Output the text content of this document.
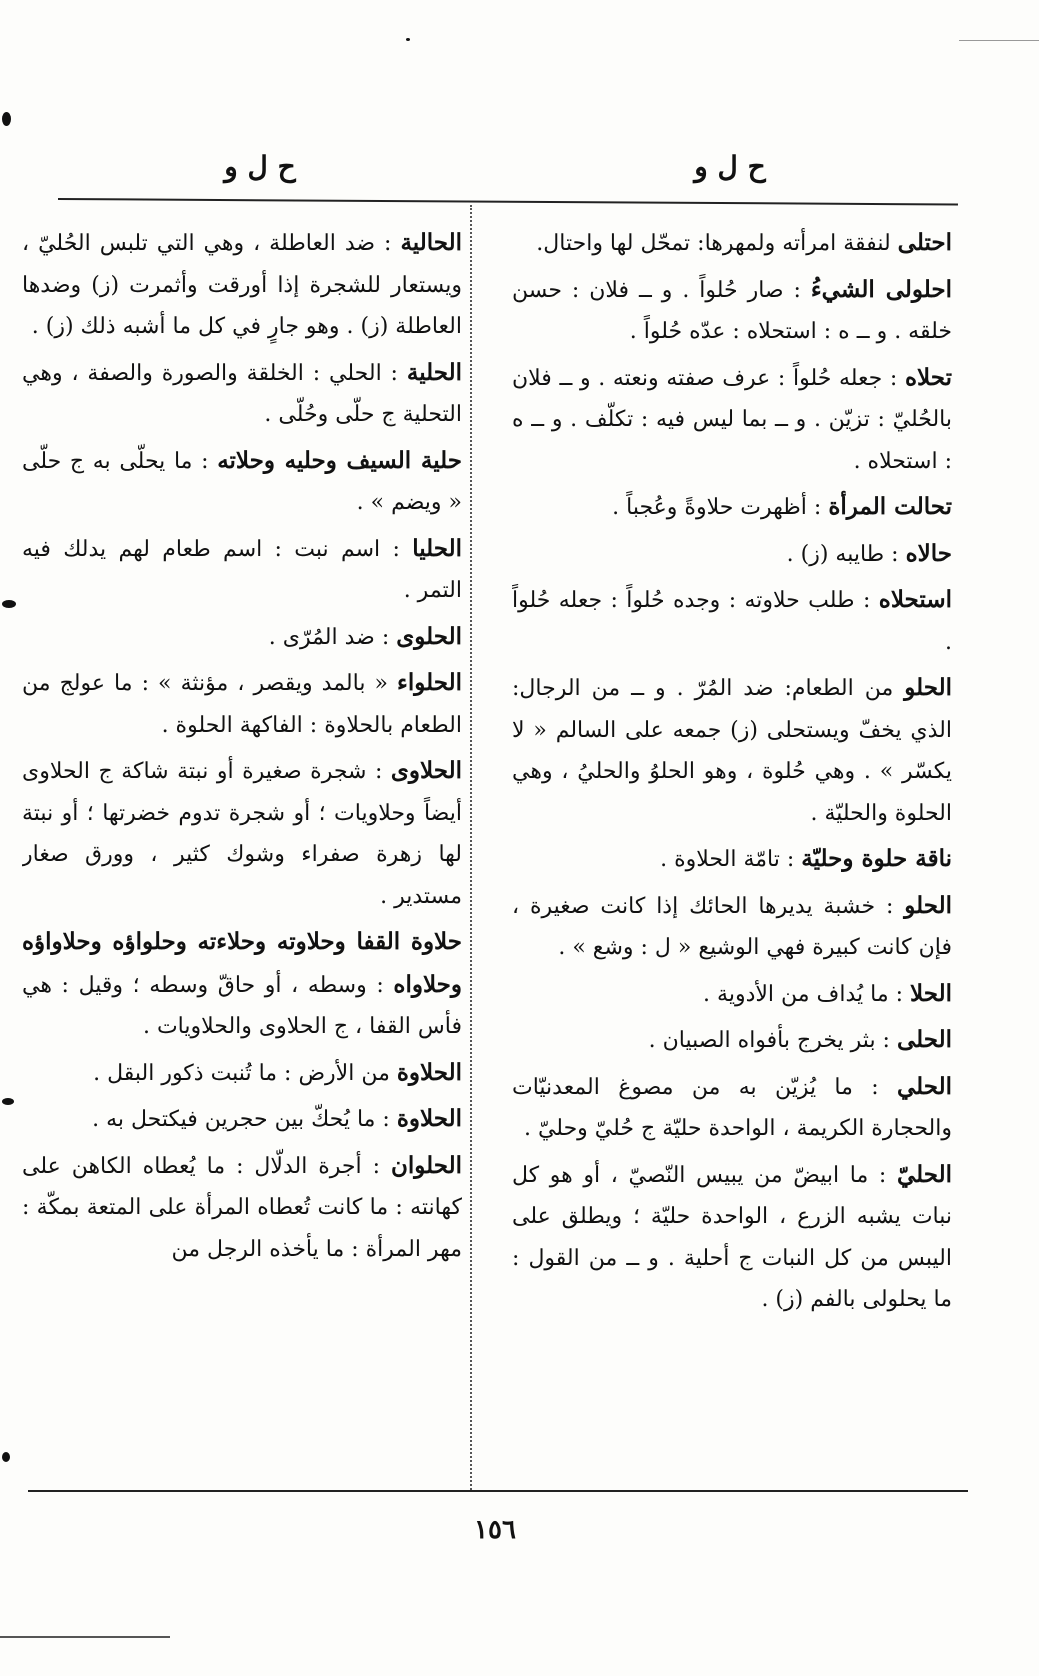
ح ل و
ح ل و

احتلى لنفقة امرأته ولمهرها: تمحّل لها واحتال.

احلولى الشيءُ : صار حُلواً . و ــ فلان : حسن خلقه . و ــ ه : استحلاه : عدّه حُلواً .

تحلاه : جعله حُلواً : عرف صفته ونعته . و ــ فلان بالحُليّ : تزيّن . و ــ بما ليس فيه : تكلّف . و ــ ه : استحلاه .

تحالت المرأة : أظهرت حلاوةً وعُجباً .

حالاه : طايبه (ز) .

استحلاه : طلب حلاوته : وجده حُلواً : جعله حُلواً .

الحلو من الطعام: ضد المُرّ . و ــ من الرجال: الذي يخفّ ويستحلى (ز) جمعه على السالم « لا يكسّر » . وهي حُلوة ، وهو الحلوُ والحليُ ، وهي الحلوة والحليّة .

ناقة حلوة وحليّة : تامّة الحلاوة .

الحلو : خشبة يديرها الحائك إذا كانت صغيرة ، فإن كانت كبيرة فهي الوشيع « ل : وشع » .

الحلا : ما يُداف من الأدوية .

الحلى : بثر يخرج بأفواه الصبيان .

الحلي : ما يُزيّن به من مصوغ المعدنيّات والحجارة الكريمة ، الواحدة حليّة ج حُليّ وحليّ .

الحليّ : ما ابيضّ من يبيس النّصيّ ، أو هو كل نبات يشبه الزرع ، الواحدة حليّة ؛ ويطلق على اليبس من كل النبات ج أحلية . و ــ من القول : ما يحلولى بالفم (ز) .

الحالية : ضد العاطلة ، وهي التي تلبس الحُليّ ، ويستعار للشجرة إذا أورقت وأثمرت (ز) وضدها العاطلة (ز) . وهو جارٍ في كل ما أشبه ذلك (ز) .

الحلية : الحلي : الخلقة والصورة والصفة ، وهي التحلية ج حلّى وحُلّى .

حلية السيف وحليه وحلاته : ما يحلّى به ج حلّى « ويضم » .

الحليا : اسم نبت : اسم طعام لهم يدلك فيه التمر .

الحلوى : ضد المُرّى .

الحلواء « بالمد ويقصر ، مؤنثة » : ما عولج من الطعام بالحلاوة : الفاكهة الحلوة .

الحلاوى : شجرة صغيرة أو نبتة شاكة ج الحلاوى أيضاً وحلاويات ؛ أو شجرة تدوم خضرتها ؛ أو نبتة لها زهرة صفراء وشوك كثير ، وورق صغار مستدير .

حلاوة القفا وحلاوته وحلاءته وحلواؤه وحلاواؤه وحلاواه : وسطه ، أو حاقّ وسطه ؛ وقيل : هي فأس القفا ، ج الحلاوى والحلاويات .

الحلاوة من الأرض : ما تُنبت ذكور البقل .

الحلاوة : ما يُحكّ بين حجرين فيكتحل به .

الحلوان : أجرة الدلّال : ما يُعطاه الكاهن على كهانته : ما كانت تُعطاه المرأة على المتعة بمكّة : مهر المرأة : ما يأخذه الرجل من

١٥٦
